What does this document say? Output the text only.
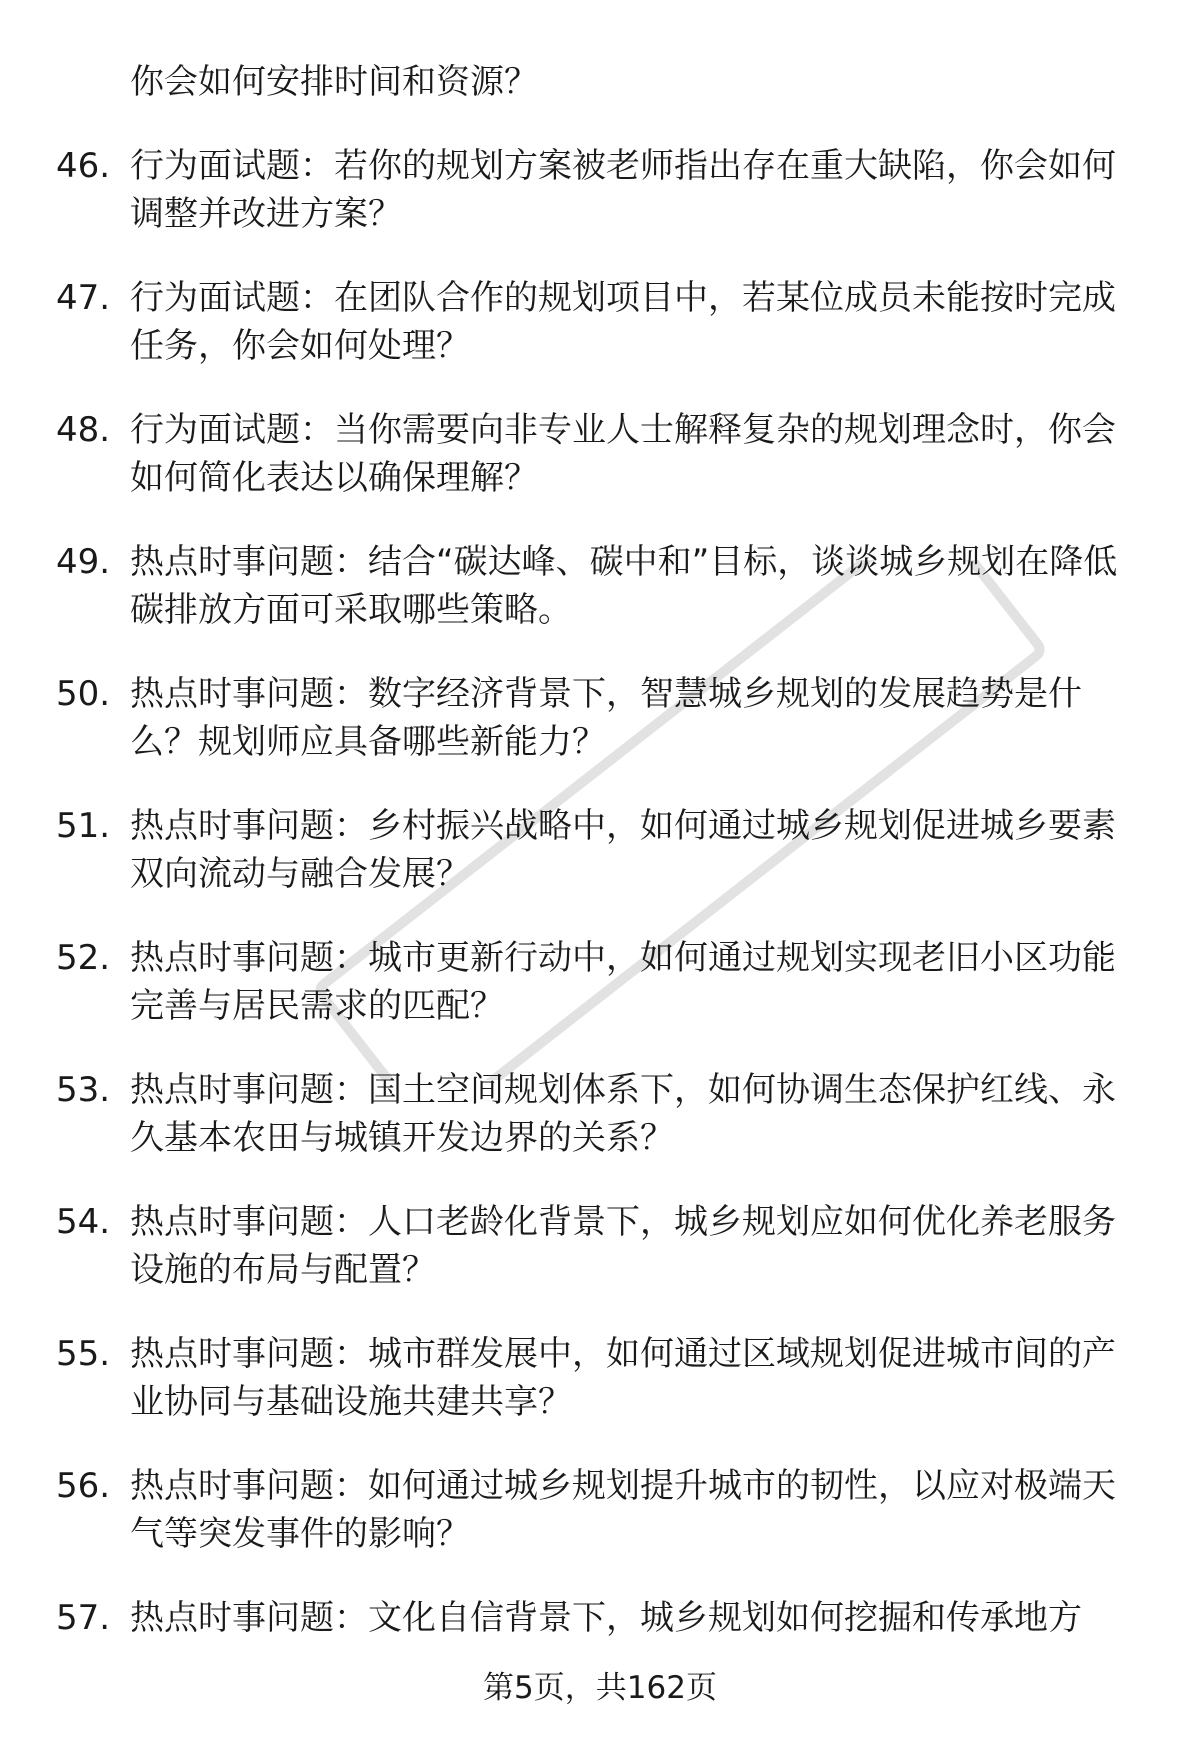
你会如何安排时间和资源？
46. 行为面试题：若你的规划方案被老师指出存在重大缺陷，你会如何调整并改进方案？
47. 行为面试题：在团队合作的规划项目中，若某位成员未能按时完成任务，你会如何处理？
48. 行为面试题：当你需要向非专业人士解释复杂的规划理念时，你会如何简化表达以确保理解？
49. 热点时事问题：结合“碳达峰、碳中和”目标，谈谈城乡规划在降低碳排放方面可采取哪些策略。
50. 热点时事问题：数字经济背景下，智慧城乡规划的发展趋势是什么？规划师应具备哪些新能力？
51. 热点时事问题：乡村振兴战略中，如何通过城乡规划促进城乡要素双向流动与融合发展？
52. 热点时事问题：城市更新行动中，如何通过规划实现老旧小区功能完善与居民需求的匹配？
53. 热点时事问题：国土空间规划体系下，如何协调生态保护红线、永久基本农田与城镇开发边界的关系？
54. 热点时事问题：人口老龄化背景下，城乡规划应如何优化养老服务设施的布局与配置？
55. 热点时事问题：城市群发展中，如何通过区域规划促进城市间的产业协同与基础设施共建共享？
56. 热点时事问题：如何通过城乡规划提升城市的韧性，以应对极端天气等突发事件的影响？
57. 热点时事问题：文化自信背景下，城乡规划如何挖掘和传承地方
第5页，共162页
